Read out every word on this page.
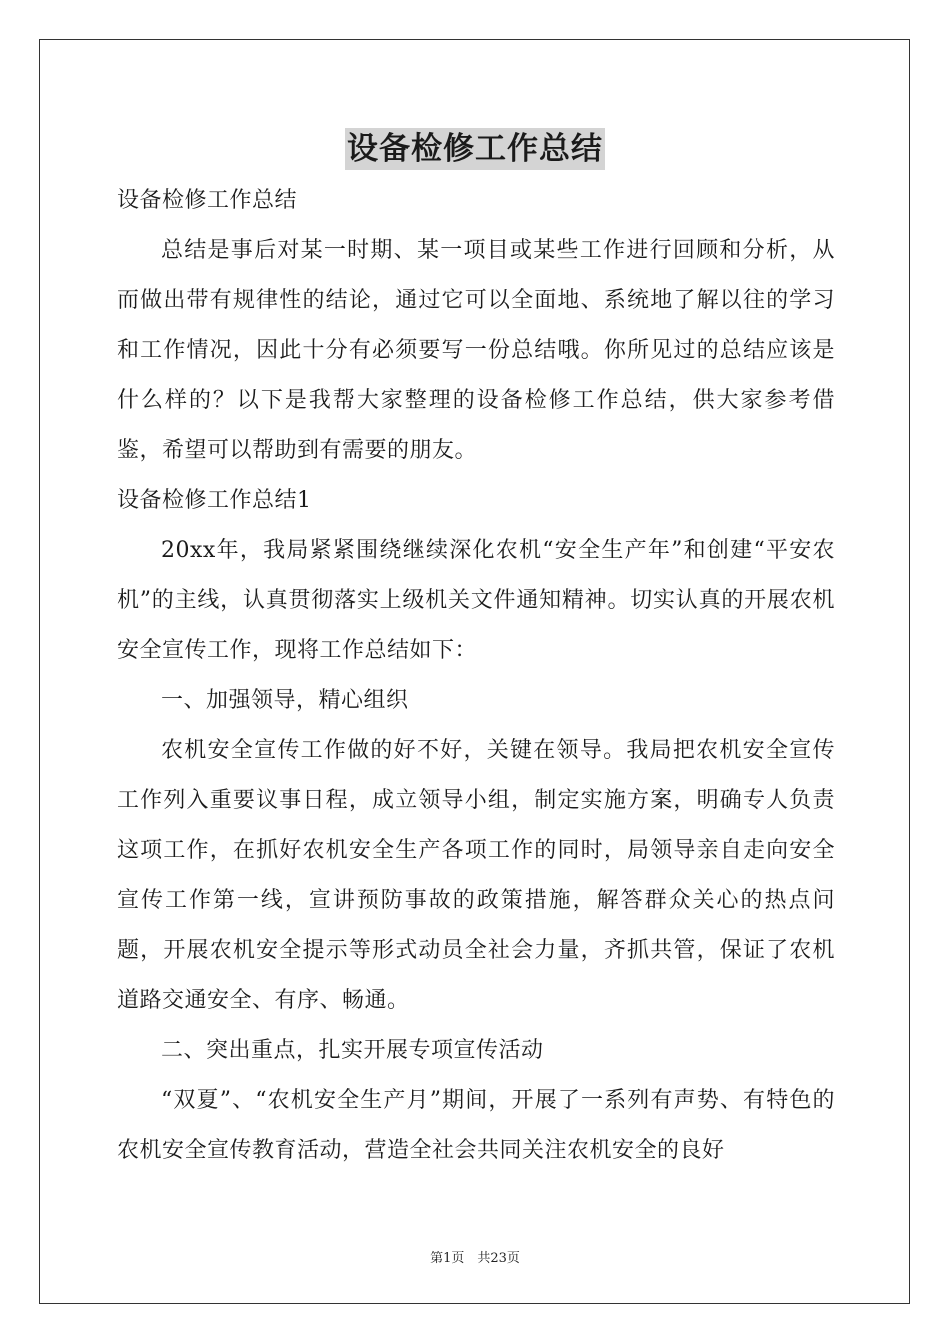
设备检修工作总结

设备检修工作总结

总结是事后对某一时期、某一项目或某些工作进行回顾和分析，从而做出带有规律性的结论，通过它可以全面地、系统地了解以往的学习和工作情况，因此十分有必须要写一份总结哦。你所见过的总结应该是什么样的？以下是我帮大家整理的设备检修工作总结，供大家参考借鉴，希望可以帮助到有需要的朋友。

设备检修工作总结1

20xx年，我局紧紧围绕继续深化农机“安全生产年”和创建“平安农机”的主线，认真贯彻落实上级机关文件通知精神。切实认真的开展农机安全宣传工作，现将工作总结如下：

一、加强领导，精心组织

农机安全宣传工作做的好不好，关键在领导。我局把农机安全宣传工作列入重要议事日程，成立领导小组，制定实施方案，明确专人负责这项工作，在抓好农机安全生产各项工作的同时，局领导亲自走向安全宣传工作第一线，宣讲预防事故的政策措施，解答群众关心的热点问题，开展农机安全提示等形式动员全社会力量，齐抓共管，保证了农机道路交通安全、有序、畅通。

二、突出重点，扎实开展专项宣传活动

“双夏”、“农机安全生产月”期间，开展了一系列有声势、有特色的农机安全宣传教育活动，营造全社会共同关注农机安全的良好

第1页　共23页
